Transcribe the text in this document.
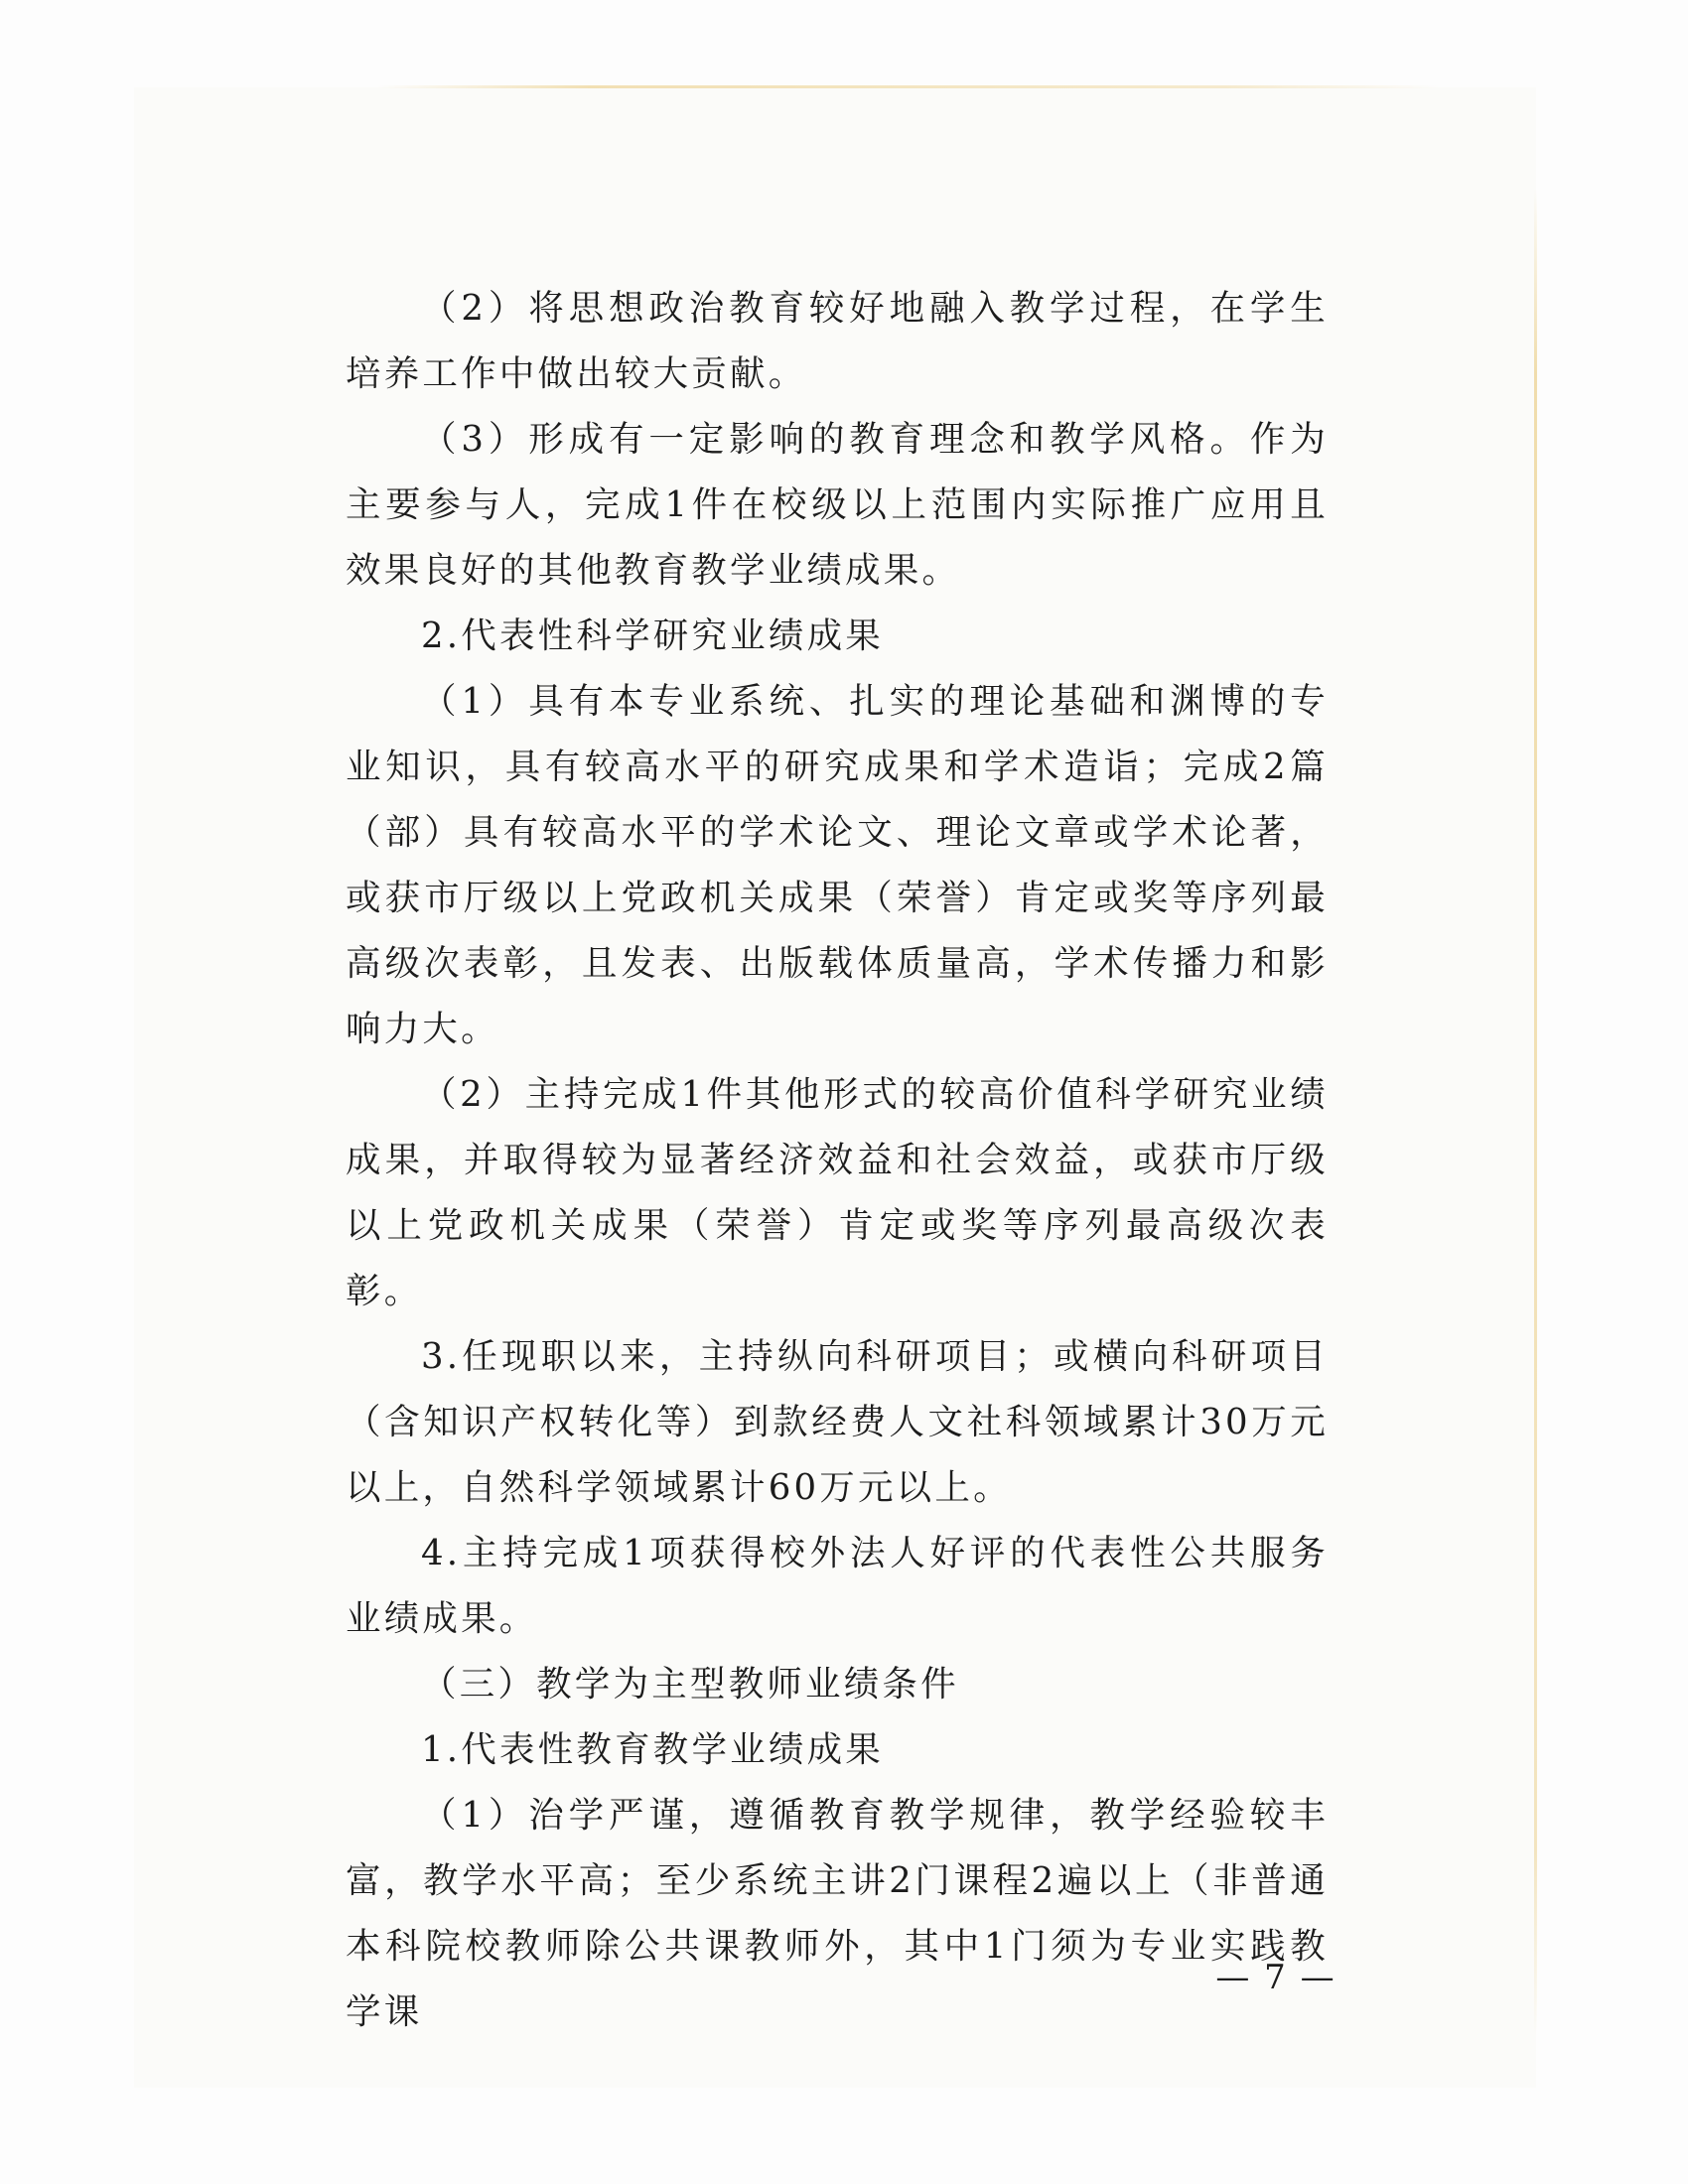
（2）将思想政治教育较好地融入教学过程，在学生培养工作中做出较大贡献。

（3）形成有一定影响的教育理念和教学风格。作为主要参与人，完成1件在校级以上范围内实际推广应用且效果良好的其他教育教学业绩成果。

2.代表性科学研究业绩成果

（1）具有本专业系统、扎实的理论基础和渊博的专业知识，具有较高水平的研究成果和学术造诣；完成2篇（部）具有较高水平的学术论文、理论文章或学术论著，或获市厅级以上党政机关成果（荣誉）肯定或奖等序列最高级次表彰，且发表、出版载体质量高，学术传播力和影响力大。

（2）主持完成1件其他形式的较高价值科学研究业绩成果，并取得较为显著经济效益和社会效益，或获市厅级以上党政机关成果（荣誉）肯定或奖等序列最高级次表彰。

3.任现职以来，主持纵向科研项目；或横向科研项目（含知识产权转化等）到款经费人文社科领域累计30万元以上，自然科学领域累计60万元以上。

4.主持完成1项获得校外法人好评的代表性公共服务业绩成果。

（三）教学为主型教师业绩条件

1.代表性教育教学业绩成果

（1）治学严谨，遵循教育教学规律，教学经验较丰富，教学水平高；至少系统主讲2门课程2遍以上（非普通本科院校教师除公共课教师外，其中1门须为专业实践教学课

— 7 —
